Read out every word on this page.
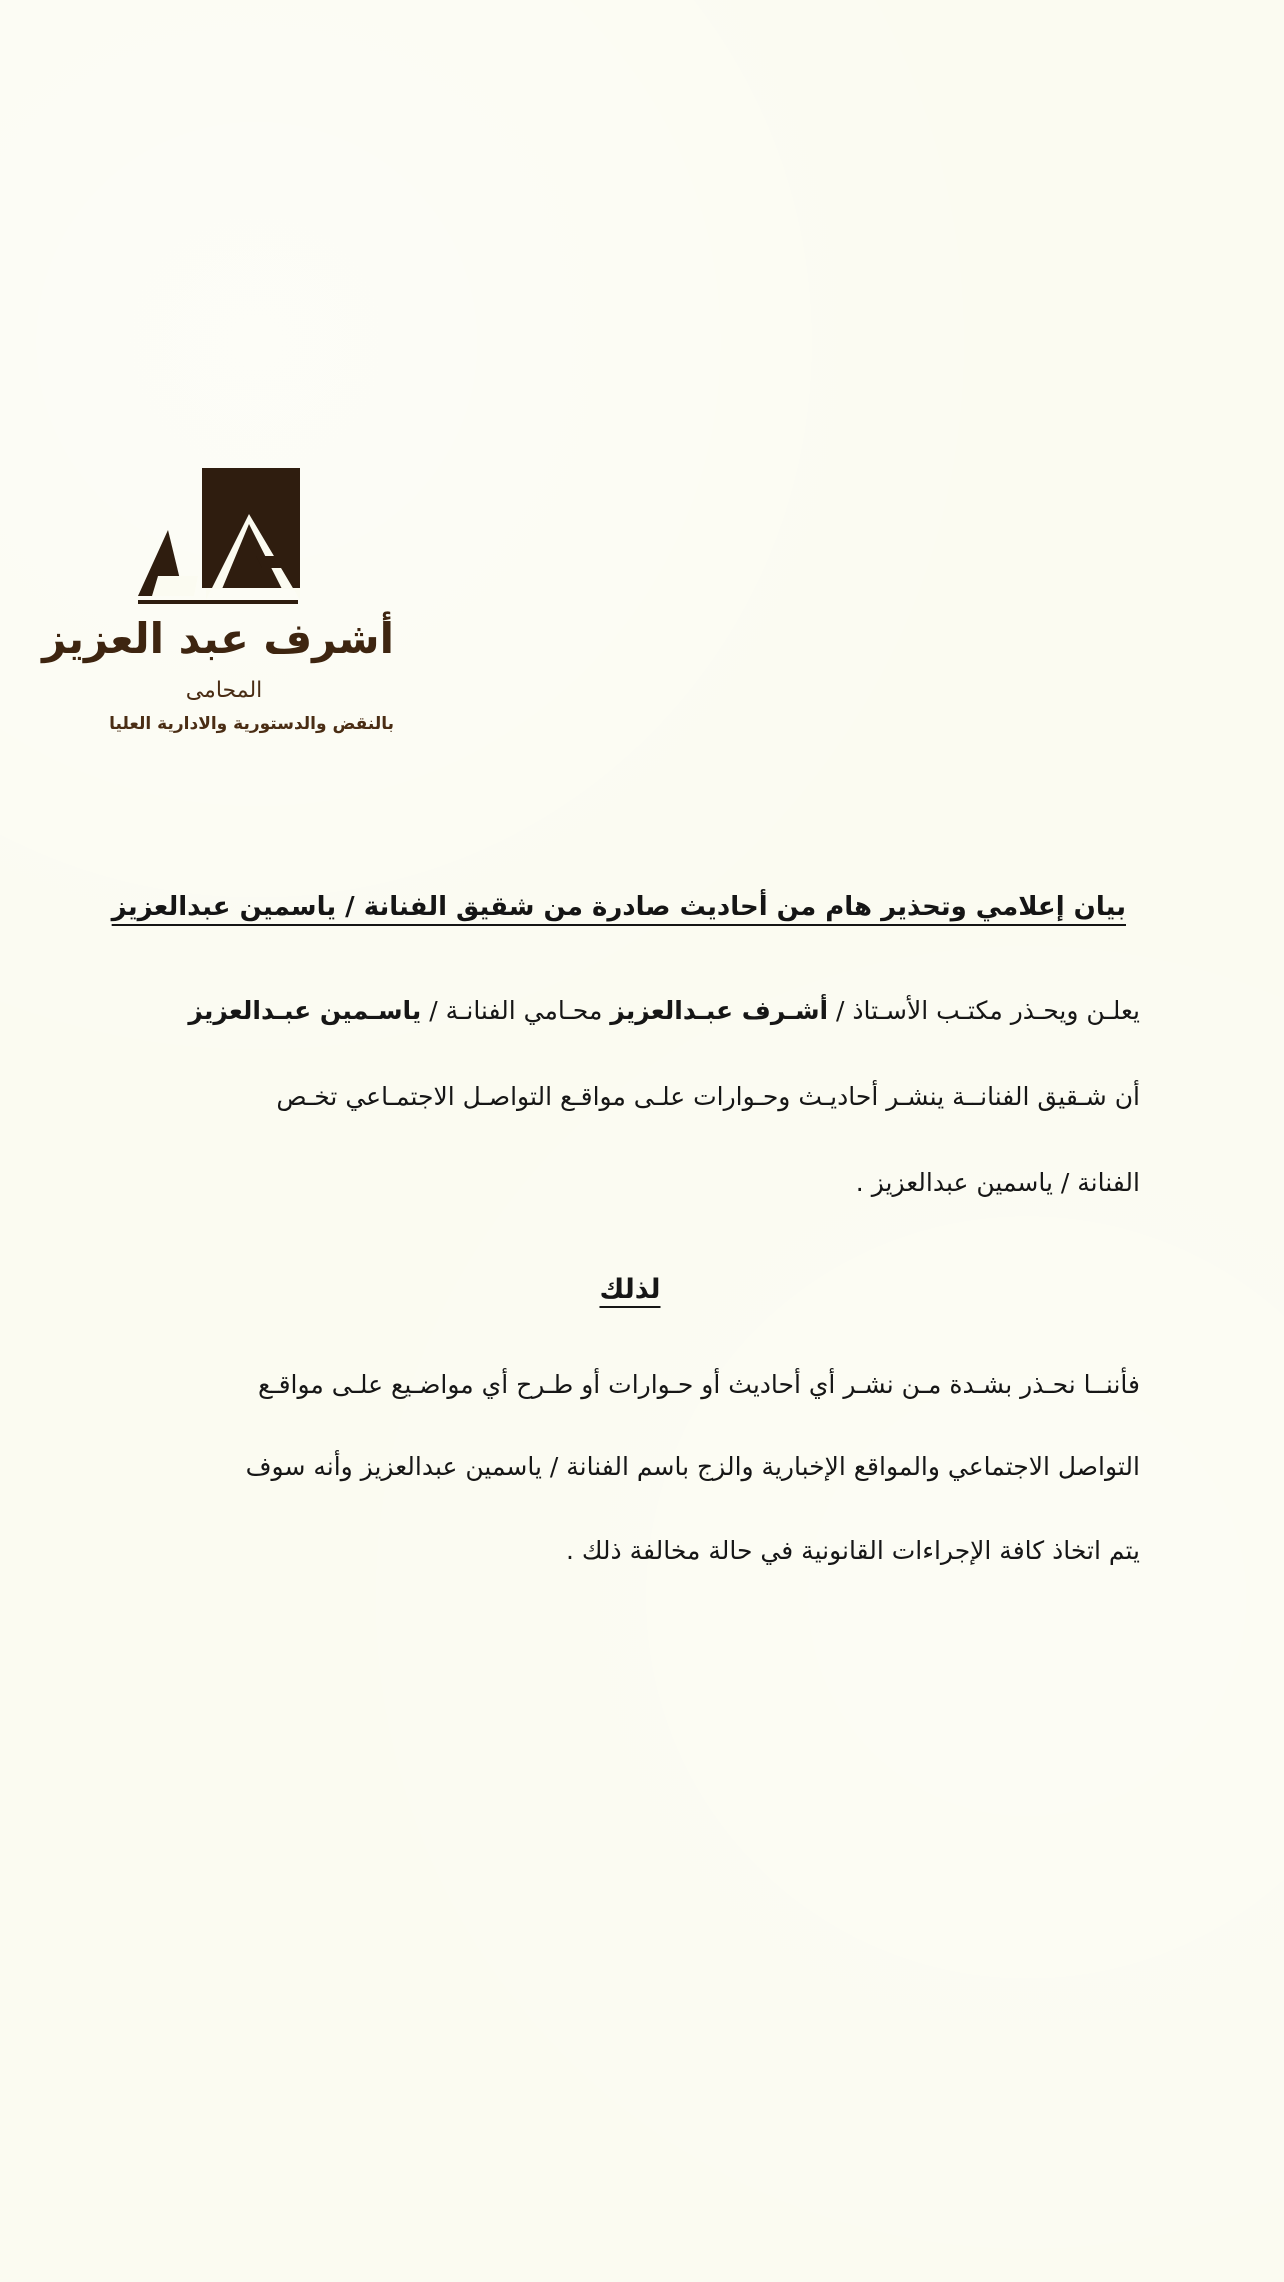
أشرف عبد العزيز
المحامى
بالنقض والدستورية والادارية العليا
بيان إعلامي وتحذير هام من أحاديث صادرة من شقيق الفنانة / ياسمين عبدالعزيز
يعلـن ويحـذر مكتـب الأسـتاذ / أشـرف عبـدالعزيز محـامي الفنانـة / ياسـمين عبـدالعزيز
أن شـقيق الفنانــة ينشـر أحاديـث وحـوارات علـى مواقـع التواصـل الاجتمـاعي تخـص
الفنانة / ياسمين عبدالعزيز .
لذلك
فأننــا نحـذر بشـدة مـن نشـر أي أحاديث أو حـوارات أو طـرح أي مواضـيع علـى مواقـع
التواصل الاجتماعي والمواقع الإخبارية والزج باسم الفنانة / ياسمين عبدالعزيز وأنه سوف
يتم اتخاذ كافة الإجراءات القانونية في حالة مخالفة ذلك .
